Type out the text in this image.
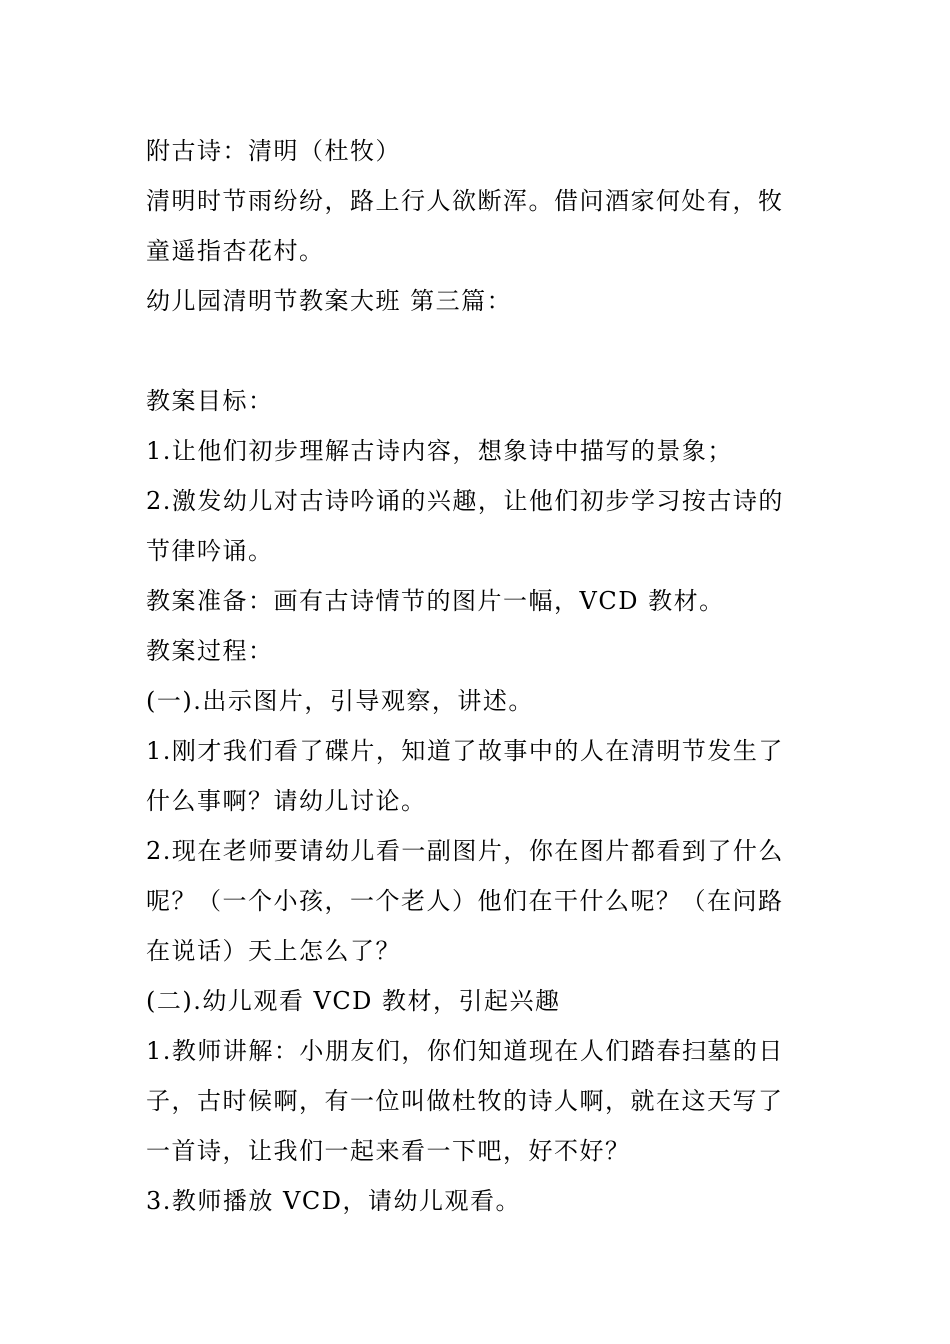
附古诗：清明（杜牧）
清明时节雨纷纷，路上行人欲断浑。借问酒家何处有，牧
童遥指杏花村。
幼儿园清明节教案大班 第三篇：
教案目标：
1.让他们初步理解古诗内容，想象诗中描写的景象；
2.激发幼儿对古诗吟诵的兴趣，让他们初步学习按古诗的
节律吟诵。
教案准备：画有古诗情节的图片一幅，VCD 教材。
教案过程：
(一).出示图片，引导观察，讲述。
1.刚才我们看了碟片，知道了故事中的人在清明节发生了
什么事啊？请幼儿讨论。
2.现在老师要请幼儿看一副图片，你在图片都看到了什么
呢？（一个小孩，一个老人）他们在干什么呢？（在问路
在说话）天上怎么了？
(二).幼儿观看 VCD 教材，引起兴趣
1.教师讲解：小朋友们，你们知道现在人们踏春扫墓的日
子，古时候啊，有一位叫做杜牧的诗人啊，就在这天写了
一首诗，让我们一起来看一下吧，好不好？
3.教师播放 VCD，请幼儿观看。
